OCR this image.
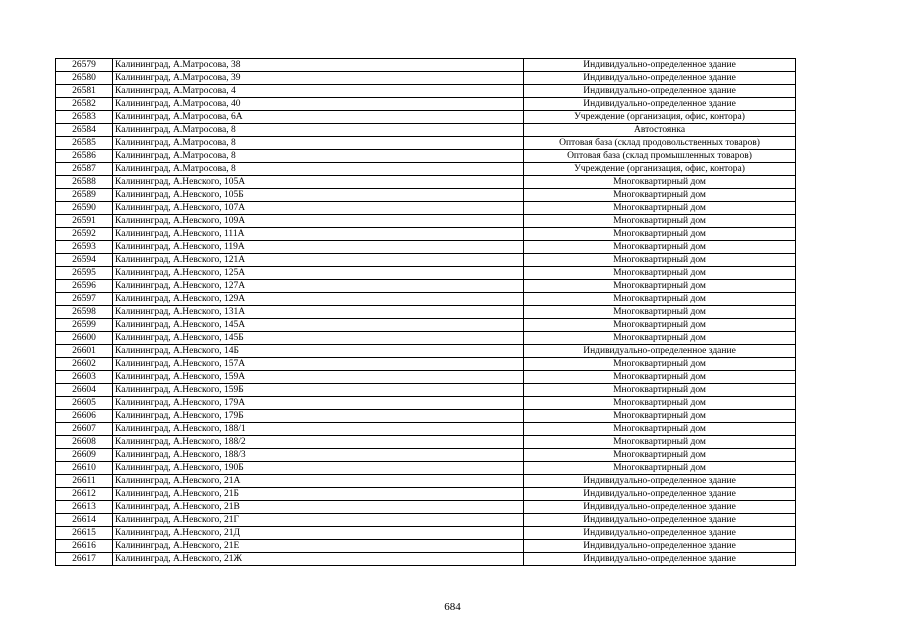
26579	Калининград, А.Матросова, 38	Индивидуально-определенное здание
26580	Калининград, А.Матросова, 39	Индивидуально-определенное здание
26581	Калининград, А.Матросова, 4	Индивидуально-определенное здание
26582	Калининград, А.Матросова, 40	Индивидуально-определенное здание
26583	Калининград, А.Матросова, 6А	Учреждение (организация, офис, контора)
26584	Калининград, А.Матросова, 8	Автостоянка
26585	Калининград, А.Матросова, 8	Оптовая база (склад продовольственных товаров)
26586	Калининград, А.Матросова, 8	Оптовая база (склад промышленных товаров)
26587	Калининград, А.Матросова, 8	Учреждение (организация, офис, контора)
26588	Калининград, А.Невского, 105А	Многоквартирный дом
26589	Калининград, А.Невского, 105Б	Многоквартирный дом
26590	Калининград, А.Невского, 107А	Многоквартирный дом
26591	Калининград, А.Невского, 109А	Многоквартирный дом
26592	Калининград, А.Невского, 111А	Многоквартирный дом
26593	Калининград, А.Невского, 119А	Многоквартирный дом
26594	Калининград, А.Невского, 121А	Многоквартирный дом
26595	Калининград, А.Невского, 125А	Многоквартирный дом
26596	Калининград, А.Невского, 127А	Многоквартирный дом
26597	Калининград, А.Невского, 129А	Многоквартирный дом
26598	Калининград, А.Невского, 131А	Многоквартирный дом
26599	Калининград, А.Невского, 145А	Многоквартирный дом
26600	Калининград, А.Невского, 145Б	Многоквартирный дом
26601	Калининград, А.Невского, 14Б	Индивидуально-определенное здание
26602	Калининград, А.Невского, 157А	Многоквартирный дом
26603	Калининград, А.Невского, 159А	Многоквартирный дом
26604	Калининград, А.Невского, 159Б	Многоквартирный дом
26605	Калининград, А.Невского, 179А	Многоквартирный дом
26606	Калининград, А.Невского, 179Б	Многоквартирный дом
26607	Калининград, А.Невского, 188/1	Многоквартирный дом
26608	Калининград, А.Невского, 188/2	Многоквартирный дом
26609	Калининград, А.Невского, 188/3	Многоквартирный дом
26610	Калининград, А.Невского, 190Б	Многоквартирный дом
26611	Калининград, А.Невского, 21А	Индивидуально-определенное здание
26612	Калининград, А.Невского, 21Б	Индивидуально-определенное здание
26613	Калининград, А.Невского, 21В	Индивидуально-определенное здание
26614	Калининград, А.Невского, 21Г	Индивидуально-определенное здание
26615	Калининград, А.Невского, 21Д	Индивидуально-определенное здание
26616	Калининград, А.Невского, 21Е	Индивидуально-определенное здание
26617	Калининград, А.Невского, 21Ж	Индивидуально-определенное здание
684
